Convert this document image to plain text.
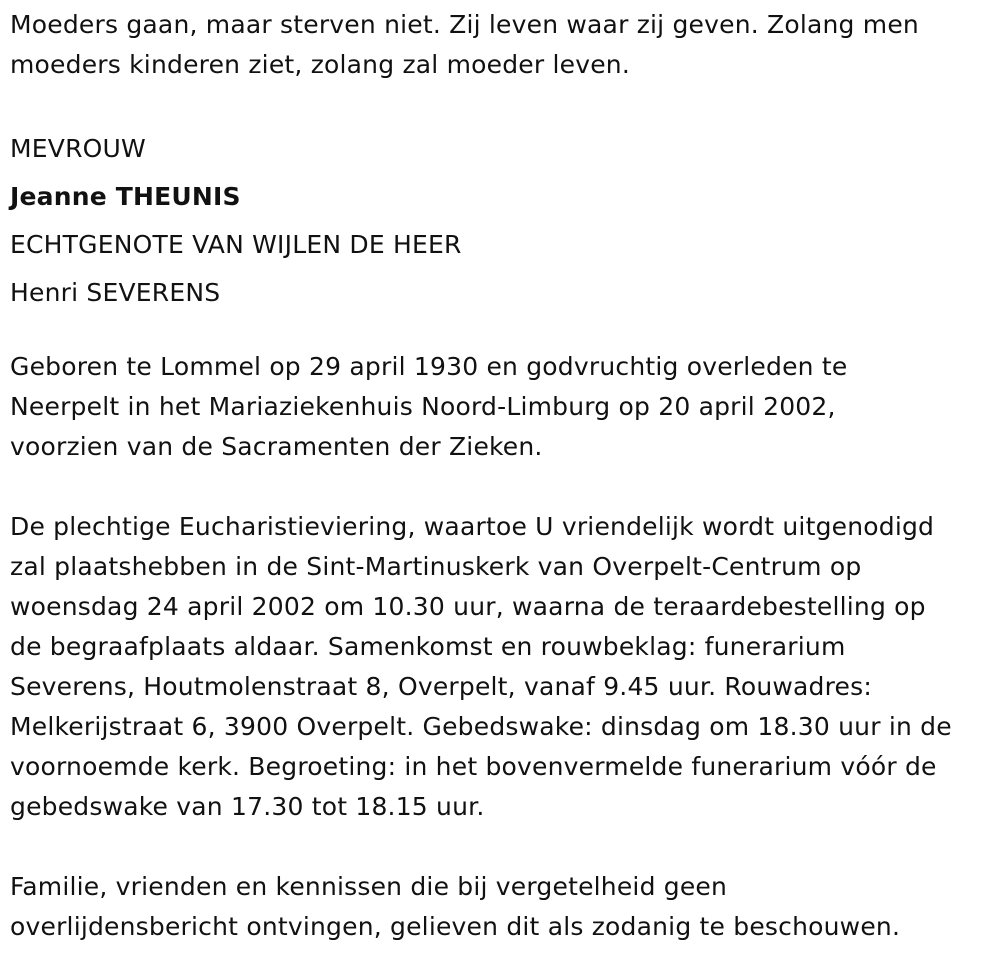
Moeders gaan, maar sterven niet. Zij leven waar zij geven. Zolang men
moeders kinderen ziet, zolang zal moeder leven.

MEVROUW

Jeanne THEUNIS

ECHTGENOTE VAN WIJLEN DE HEER

Henri SEVERENS

Geboren te Lommel op 29 april 1930 en godvruchtig overleden te
Neerpelt in het Mariaziekenhuis Noord-Limburg op 20 april 2002,
voorzien van de Sacramenten der Zieken.

De plechtige Eucharistieviering, waartoe U vriendelijk wordt uitgenodigd
zal plaatshebben in de Sint-Martinuskerk van Overpelt-Centrum op
woensdag 24 april 2002 om 10.30 uur, waarna de teraardebestelling op
de begraafplaats aldaar. Samenkomst en rouwbeklag: funerarium
Severens, Houtmolenstraat 8, Overpelt, vanaf 9.45 uur. Rouwadres:
Melkerijstraat 6, 3900 Overpelt. Gebedswake: dinsdag om 18.30 uur in de
voornoemde kerk. Begroeting: in het bovenvermelde funerarium vóór de
gebedswake van 17.30 tot 18.15 uur.

Familie, vrienden en kennissen die bij vergetelheid geen
overlijdensbericht ontvingen, gelieven dit als zodanig te beschouwen.
